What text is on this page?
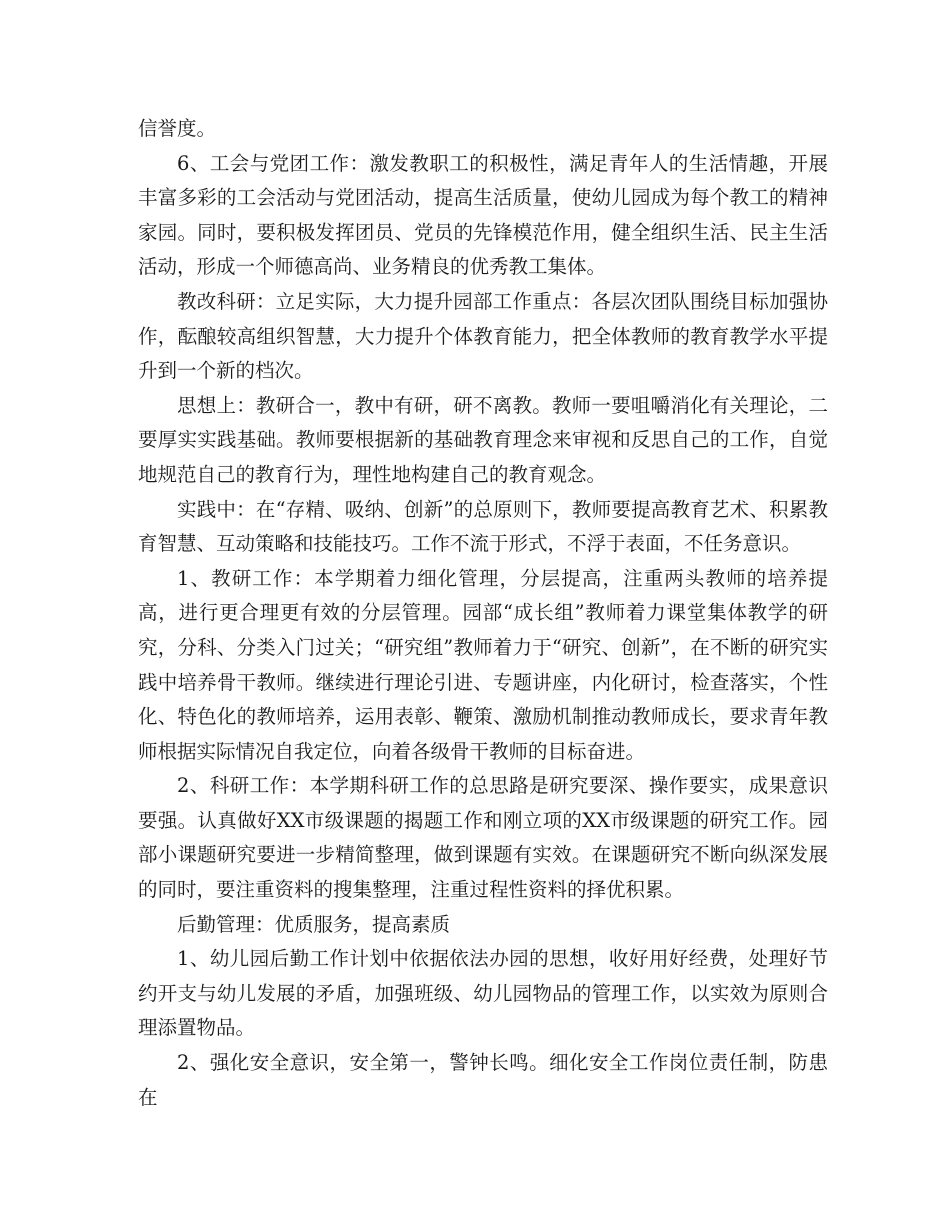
信誉度。

6、工会与党团工作：激发教职工的积极性，满足青年人的生活情趣，开展丰富多彩的工会活动与党团活动，提高生活质量，使幼儿园成为每个教工的精神家园。同时，要积极发挥团员、党员的先锋模范作用，健全组织生活、民主生活活动，形成一个师德高尚、业务精良的优秀教工集体。

教改科研：立足实际，大力提升园部工作重点：各层次团队围绕目标加强协作，酝酿较高组织智慧，大力提升个体教育能力，把全体教师的教育教学水平提升到一个新的档次。

思想上：教研合一，教中有研，研不离教。教师一要咀嚼消化有关理论，二要厚实实践基础。教师要根据新的基础教育理念来审视和反思自己的工作，自觉地规范自己的教育行为，理性地构建自己的教育观念。

实践中：在“存精、吸纳、创新”的总原则下，教师要提高教育艺术、积累教育智慧、互动策略和技能技巧。工作不流于形式，不浮于表面，不任务意识。

1、教研工作：本学期着力细化管理，分层提高，注重两头教师的培养提高，进行更合理更有效的分层管理。园部“成长组”教师着力课堂集体教学的研究，分科、分类入门过关；“研究组”教师着力于“研究、创新”，在不断的研究实践中培养骨干教师。继续进行理论引进、专题讲座，内化研讨，检查落实，个性化、特色化的教师培养，运用表彰、鞭策、激励机制推动教师成长，要求青年教师根据实际情况自我定位，向着各级骨干教师的目标奋进。

2、科研工作：本学期科研工作的总思路是研究要深、操作要实，成果意识要强。认真做好XX市级课题的揭题工作和刚立项的XX市级课题的研究工作。园部小课题研究要进一步精简整理，做到课题有实效。在课题研究不断向纵深发展的同时，要注重资料的搜集整理，注重过程性资料的择优积累。

后勤管理：优质服务，提高素质

1、幼儿园后勤工作计划中依据依法办园的思想，收好用好经费，处理好节约开支与幼儿发展的矛盾，加强班级、幼儿园物品的管理工作，以实效为原则合理添置物品。

2、强化安全意识，安全第一，警钟长鸣。细化安全工作岗位责任制，防患在
